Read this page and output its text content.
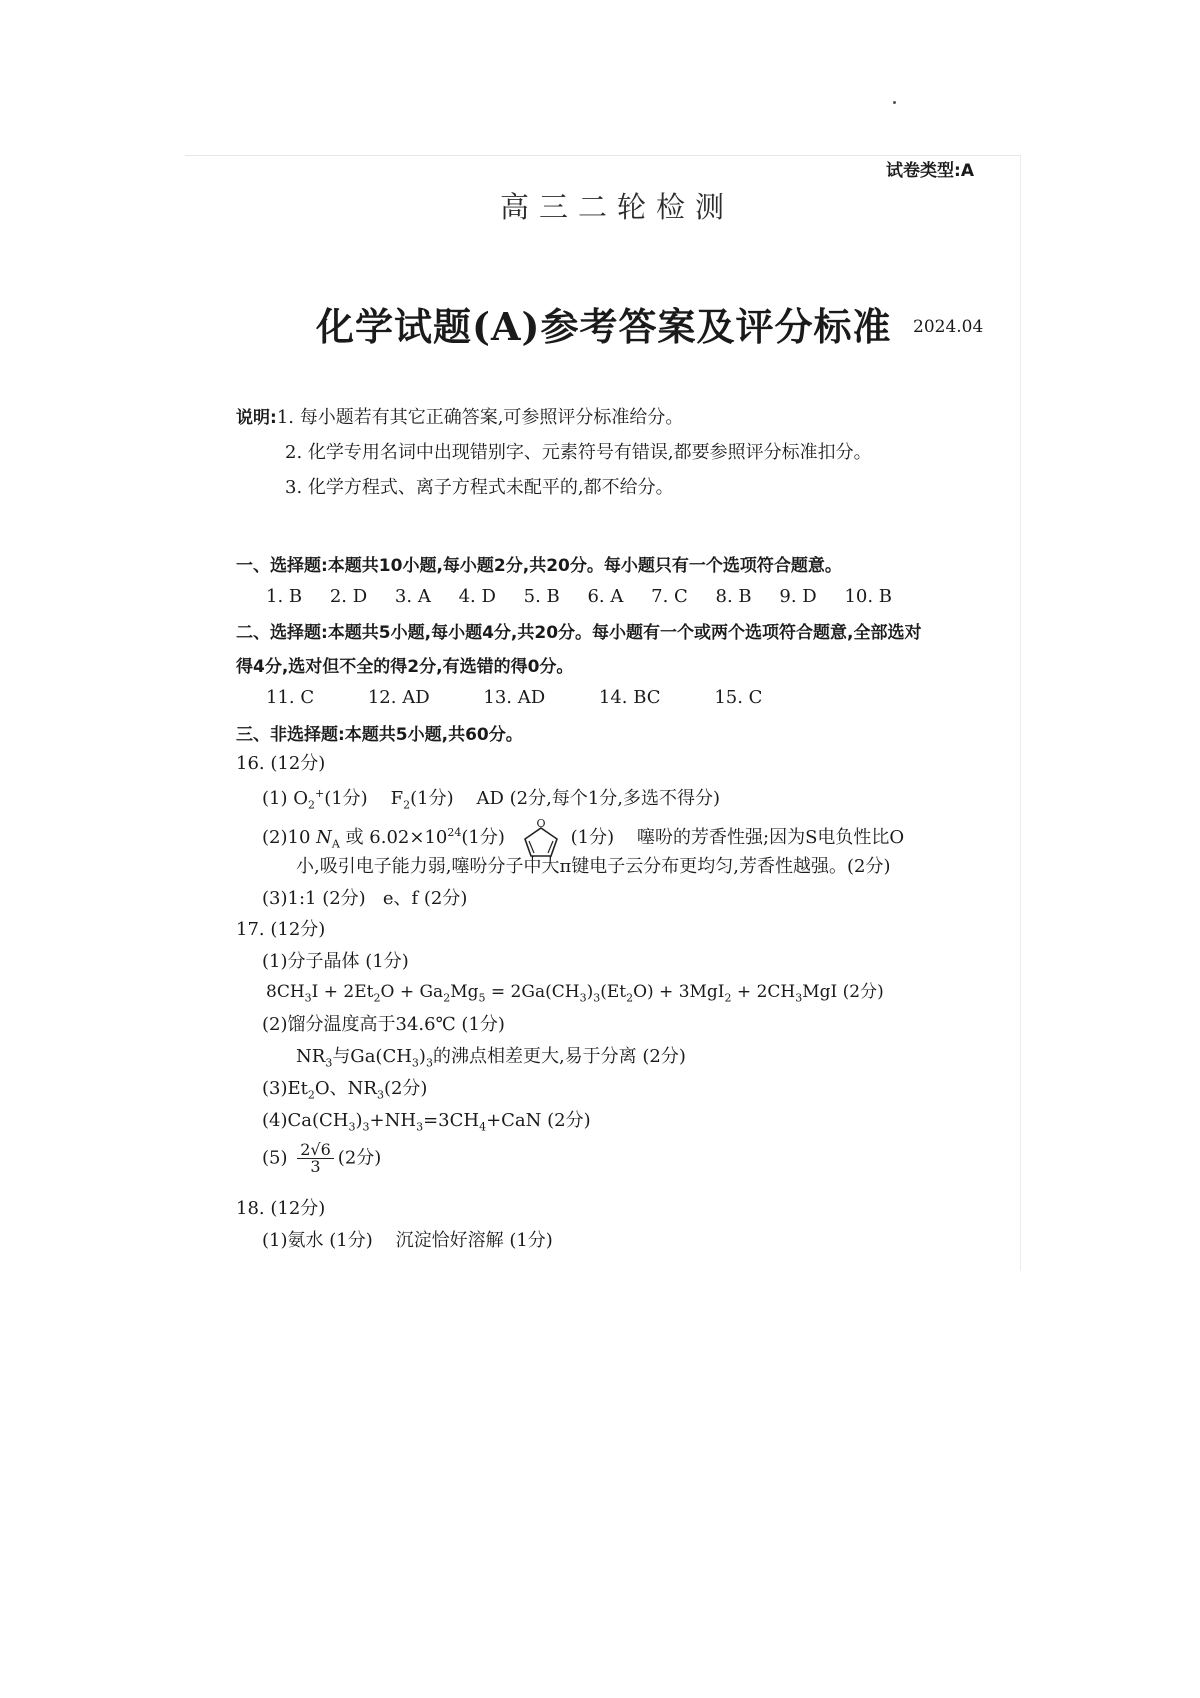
试卷类型:A
高三二轮检测
化学试题(A)参考答案及评分标准 2024.04
说明:1. 每小题若有其它正确答案,可参照评分标准给分。
2. 化学专用名词中出现错别字、元素符号有错误,都要参照评分标准扣分。
3. 化学方程式、离子方程式未配平的,都不给分。
一、选择题:本题共10小题,每小题2分,共20分。每小题只有一个选项符合题意。
1. B 2. D 3. A 4. D 5. B 6. A 7. C 8. B 9. D 10. B
二、选择题:本题共5小题,每小题4分,共20分。每小题有一个或两个选项符合题意,全部选对
得4分,选对但不全的得2分,有选错的得0分。
11. C	12. AD	13. AD	14. BC	15. C
三、非选择题:本题共5小题,共60分。
16. (12分)
(1) $O_2^+(1$分) $F_2(1$分) AD (2分,每个1分,多选不得分)
(2)10 $N_A$ 或 $6.02\times 10^{24}(1$分)
O
(1分) 噻吩的芳香性强;因为S电负性比O
小,吸引电子能力弱,噻吩分子中大π键电子云分布更均匀,芳香性越强。(2分)
(3)1:1 (2分) e、f (2分)
17. (12分)
(1)分子晶体 (1分)
$8CH_3I + 2Et_2O + Ga_2Mg_5 = 2Ga(CH_3)_3(Et_2O) + 3MgI_2 + 2CH_3MgI$ (2分)
(2)馏分温度高于34.6℃ (1分)
$NR_3$与$Ga(CH_3)_3$的沸点相差更大,易于分离 (2分)
$(3)Et_2O$、$NR_3(2$分)
$(4)Ca(CH_3)_3+NH_3=3CH_4+CaN$ (2分)
$(5) \frac{2√6}{3} (2$分)
18. (12分)
(1)氨水 (1分)    沉淀恰好溶解 (1分)
